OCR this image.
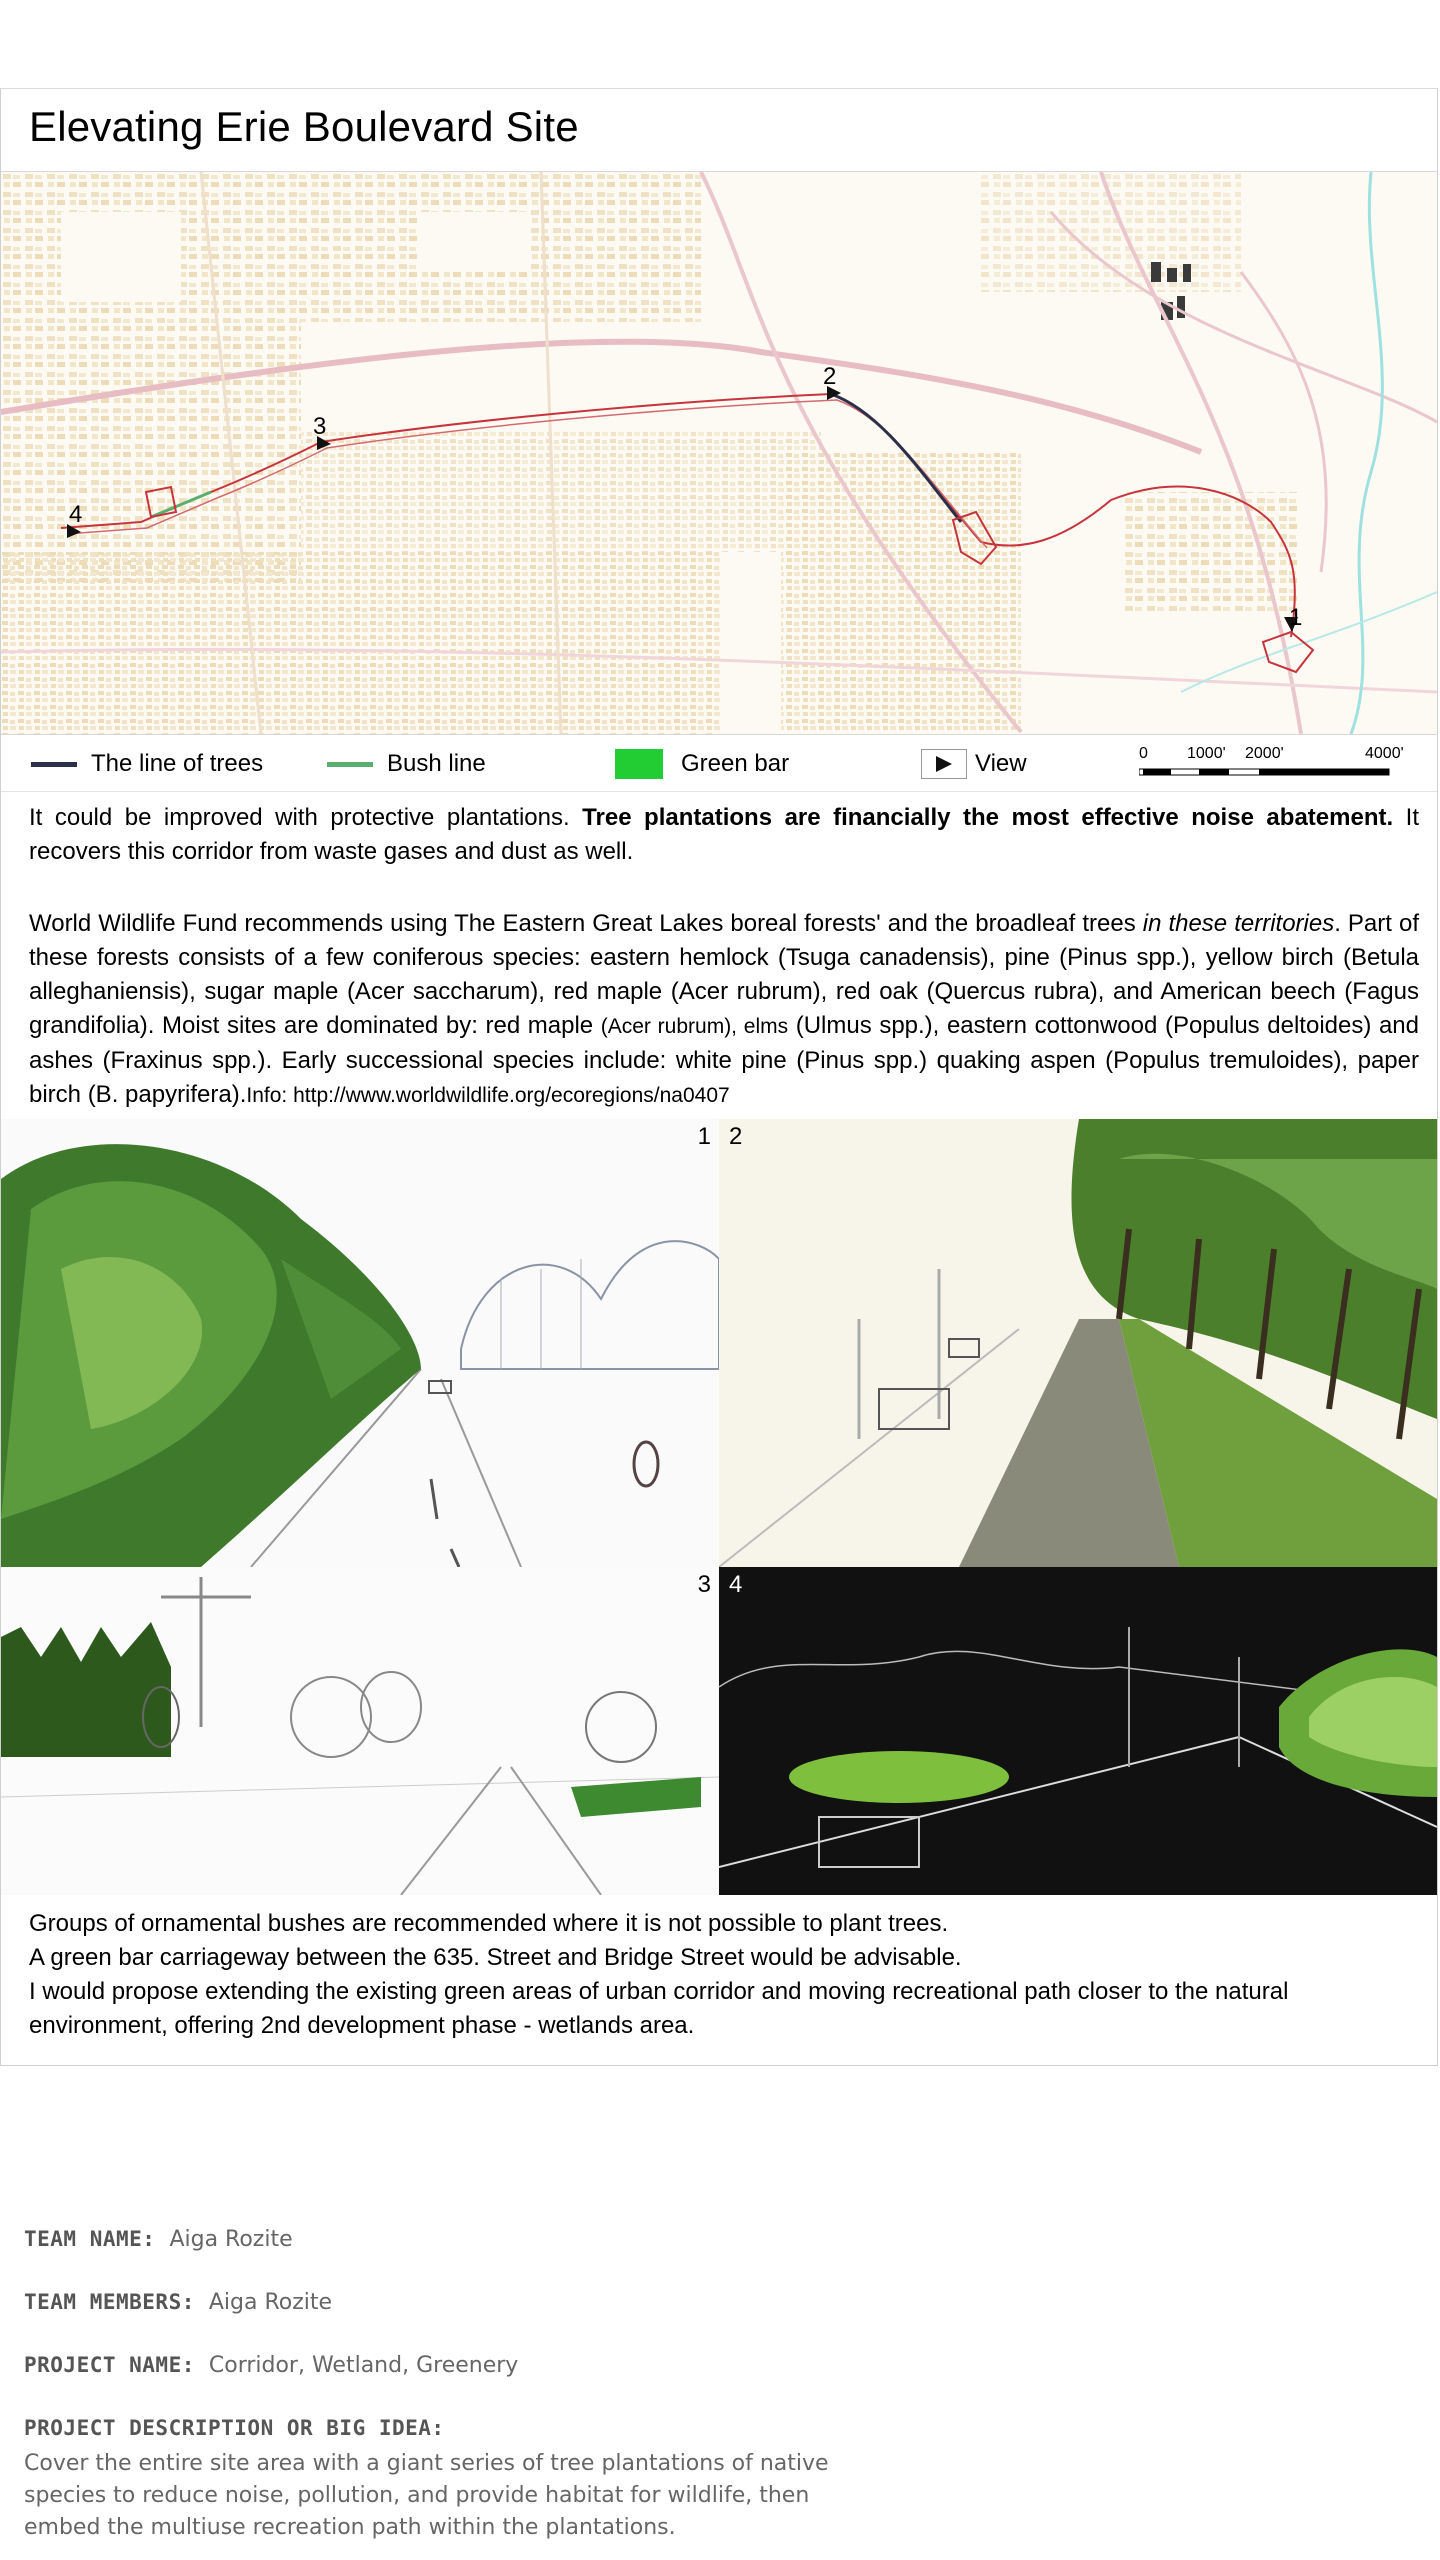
Elevating Erie Boulevard Site
1
2
3
4
The line of trees	Bush line	Green bar	View	0 1000' 2000'	4000'
It could be improved with protective plantations. Tree plantations are financially the most effective noise abatement. It recovers this corridor from waste gases and dust as well.
World Wildlife Fund recommends using The Eastern Great Lakes boreal forests' and the broadleaf trees in these territories. Part of these forests consists of a few coniferous species: eastern hemlock (Tsuga canadensis), pine (Pinus spp.), yellow birch (Betula alleghaniensis), sugar maple (Acer saccharum), red maple (Acer rubrum), red oak (Quercus rubra), and American beech (Fagus grandifolia). Moist sites are dominated by: red maple (Acer rubrum), elms (Ulmus spp.), eastern cottonwood (Populus deltoides) and ashes (Fraxinus spp.). Early successional species include: white pine (Pinus spp.) quaking aspen (Populus tremuloides), paper birch (B. papyrifera).Info: http://www.worldwildlife.org/ecoregions/na0407
1 2
3 4

Groups of ornamental bushes are recommended where it is not possible to plant trees.

A green bar carriageway between the 635. Street and Bridge Street would be advisable.

I would propose extending the existing green areas of urban corridor and moving recreational path closer to the natural environment, offering 2nd development phase - wetlands area.

TEAM NAME: Aiga Rozite
TEAM MEMBERS: Aiga Rozite
PROJECT NAME: Corridor, Wetland, Greenery
PROJECT DESCRIPTION OR BIG IDEA:
Cover the entire site area with a giant series of tree plantations of native species to reduce noise, pollution, and provide habitat for wildlife, then embed the multiuse recreation path within the plantations.
